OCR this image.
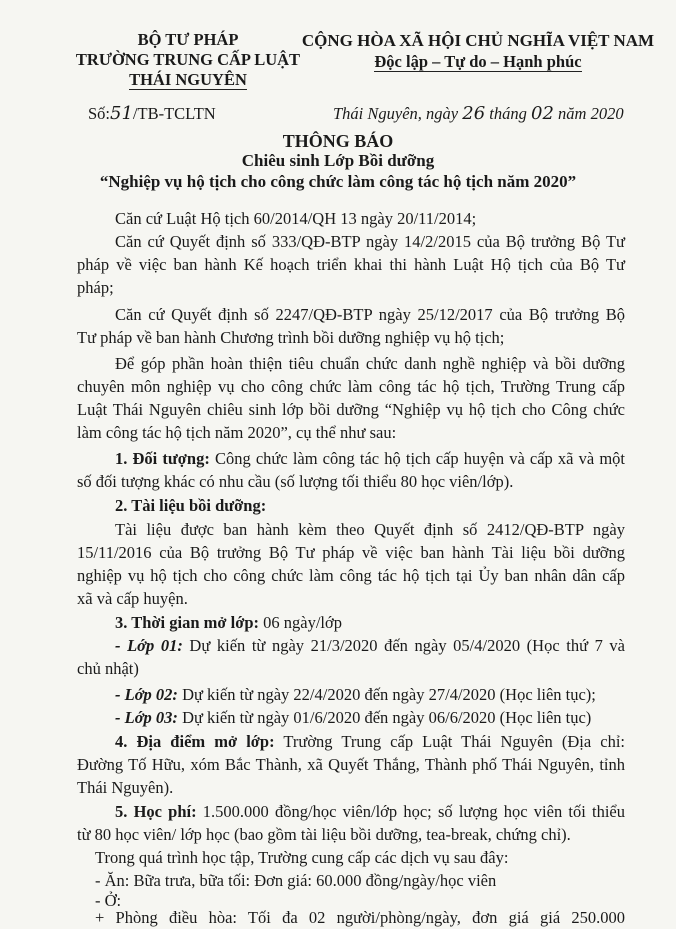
BỘ TƯ PHÁP
TRƯỜNG TRUNG CẤP LUẬT
THÁI NGUYÊN
CỘNG HÒA XÃ HỘI CHỦ NGHĨA VIỆT NAM
Độc lập – Tự do – Hạnh phúc
Số:51/TB-TCLTN	Thái Nguyên, ngày 26 tháng 02 năm 2020
THÔNG BÁO
Chiêu sinh Lớp Bồi dưỡng
“Nghiệp vụ hộ tịch cho công chức làm công tác hộ tịch năm 2020”
Căn cứ Luật Hộ tịch 60/2014/QH 13 ngày 20/11/2014;
Căn cứ Quyết định số 333/QĐ-BTP ngày 14/2/2015 của Bộ trưởng Bộ Tư
pháp về việc ban hành Kế hoạch triển khai thi hành Luật Hộ tịch của Bộ Tư
pháp;
Căn cứ Quyết định số 2247/QĐ-BTP ngày 25/12/2017 của Bộ trưởng Bộ
Tư pháp về ban hành Chương trình bồi dưỡng nghiệp vụ hộ tịch;
Để góp phần hoàn thiện tiêu chuẩn chức danh nghề nghiệp và bồi dưỡng
chuyên môn nghiệp vụ cho công chức làm công tác hộ tịch, Trường Trung cấp
Luật Thái Nguyên chiêu sinh lớp bồi dưỡng “Nghiệp vụ hộ tịch cho Công chức
làm công tác hộ tịch năm 2020”, cụ thể như sau:
1. Đối tượng: Công chức làm công tác hộ tịch cấp huyện và cấp xã và một
số đối tượng khác có nhu cầu (số lượng tối thiểu 80 học viên/lớp).
2. Tài liệu bồi dưỡng:
Tài liệu được ban hành kèm theo Quyết định số 2412/QĐ-BTP ngày
15/11/2016 của Bộ trưởng Bộ Tư pháp về việc ban hành Tài liệu bồi dưỡng
nghiệp vụ hộ tịch cho công chức làm công tác hộ tịch tại Ủy ban nhân dân cấp
xã và cấp huyện.
3. Thời gian mở lớp: 06 ngày/lớp
- Lớp 01: Dự kiến từ ngày 21/3/2020 đến ngày 05/4/2020 (Học thứ 7 và
chủ nhật)
- Lớp 02: Dự kiến từ ngày 22/4/2020 đến ngày 27/4/2020 (Học liên tục);
- Lớp 03: Dự kiến từ ngày 01/6/2020 đến ngày 06/6/2020 (Học liên tục)
4. Địa điểm mở lớp: Trường Trung cấp Luật Thái Nguyên (Địa chỉ:
Đường Tố Hữu, xóm Bắc Thành, xã Quyết Thắng, Thành phố Thái Nguyên, tỉnh
Thái Nguyên).
5. Học phí: 1.500.000 đồng/học viên/lớp học; số lượng học viên tối thiểu
từ 80 học viên/ lớp học (bao gồm tài liệu bồi dưỡng, tea-break, chứng chỉ).
Trong quá trình học tập, Trường cung cấp các dịch vụ sau đây:
- Ăn: Bữa trưa, bữa tối: Đơn giá: 60.000 đồng/ngày/học viên
- Ở:
+ Phòng điều hòa: Tối đa 02 người/phòng/ngày, đơn giá giá 250.000
